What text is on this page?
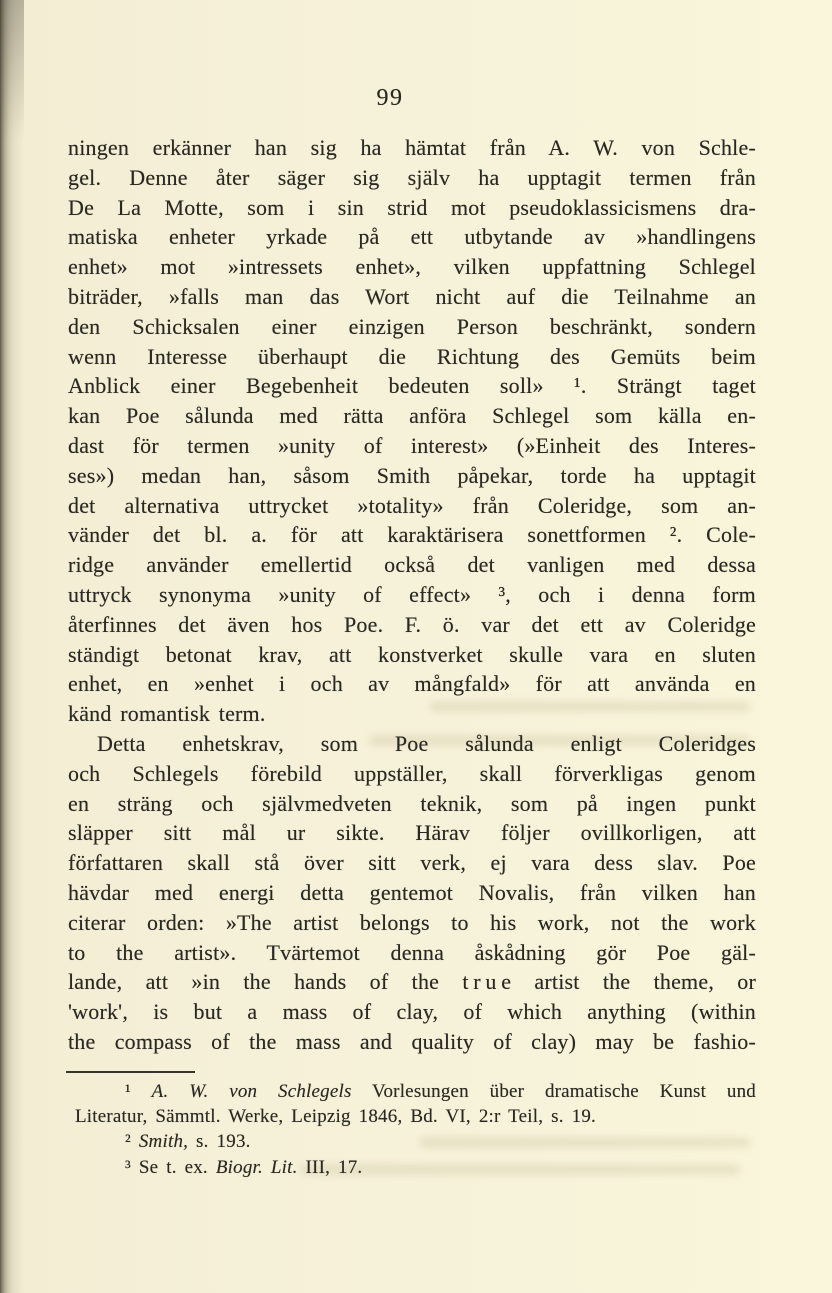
99
ningen erkänner han sig ha hämtat från A. W. von Schle-
gel. Denne åter säger sig själv ha upptagit termen från
De La Motte, som i sin strid mot pseudoklassicismens dra-
matiska enheter yrkade på ett utbytande av »handlingens
enhet» mot »intressets enhet», vilken uppfattning Schlegel
biträder, »falls man das Wort nicht auf die Teilnahme an
den Schicksalen einer einzigen Person beschränkt, sondern
wenn Interesse überhaupt die Richtung des Gemüts beim
Anblick einer Begebenheit bedeuten soll» ¹. Strängt taget
kan Poe sålunda med rätta anföra Schlegel som källa en-
dast för termen »unity of interest» (»Einheit des Interes-
ses») medan han, såsom Smith påpekar, torde ha upptagit
det alternativa uttrycket »totality» från Coleridge, som an-
vänder det bl. a. för att karaktärisera sonettformen ². Cole-
ridge använder emellertid också det vanligen med dessa
uttryck synonyma »unity of effect» ³, och i denna form
återfinnes det även hos Poe. F. ö. var det ett av Coleridge
ständigt betonat krav, att konstverket skulle vara en sluten
enhet, en »enhet i och av mångfald» för att använda en
känd romantisk term.
Detta enhetskrav, som Poe sålunda enligt Coleridges
och Schlegels förebild uppställer, skall förverkligas genom
en sträng och självmedveten teknik, som på ingen punkt
släpper sitt mål ur sikte. Härav följer ovillkorligen, att
författaren skall stå över sitt verk, ej vara dess slav. Poe
hävdar med energi detta gentemot Novalis, från vilken han
citerar orden: »The artist belongs to his work, not the work
to the artist». Tvärtemot denna åskådning gör Poe gäl-
lande, att »in the hands of the t r u e artist the theme, or
'work', is but a mass of clay, of which anything (within
the compass of the mass and quality of clay) may be fashio-
¹ A. W. von Schlegels Vorlesungen über dramatische Kunst und
Literatur, Sämmtl. Werke, Leipzig 1846, Bd. VI, 2:r Teil, s. 19.
² Smith, s. 193.
³ Se t. ex. Biogr. Lit. III, 17.
